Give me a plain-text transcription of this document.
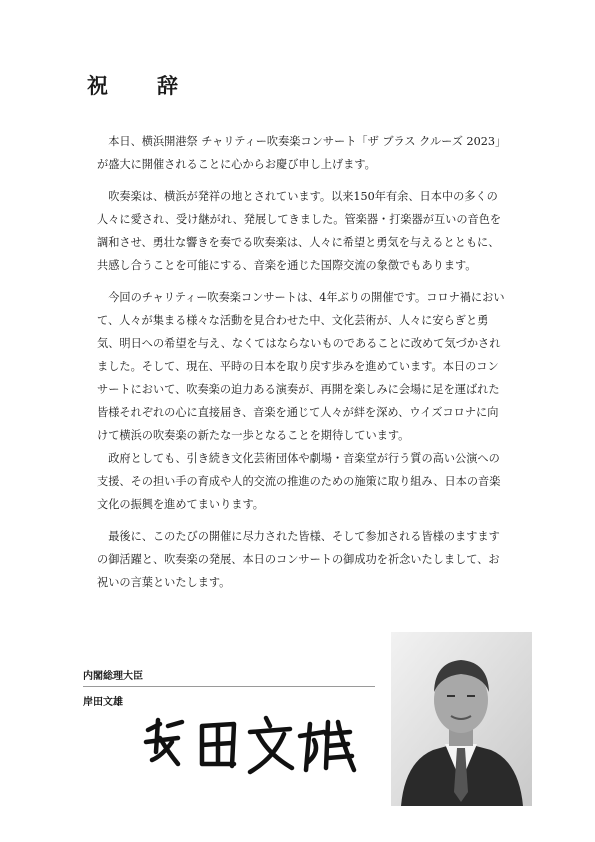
祝　辞

本日、横浜開港祭 チャリティー吹奏楽コンサート「ザ ブラス クルーズ 2023」が盛大に開催されることに心からお慶び申し上げます。

吹奏楽は、横浜が発祥の地とされています。以来150年有余、日本中の多くの人々に愛され、受け継がれ、発展してきました。管楽器・打楽器が互いの音色を調和させ、勇壮な響きを奏でる吹奏楽は、人々に希望と勇気を与えるとともに、共感し合うことを可能にする、音楽を通じた国際交流の象徴でもあります。

今回のチャリティー吹奏楽コンサートは、4年ぶりの開催です。コロナ禍において、人々が集まる様々な活動を見合わせた中、文化芸術が、人々に安らぎと勇気、明日への希望を与え、なくてはならないものであることに改めて気づかされました。そして、現在、平時の日本を取り戻す歩みを進めています。本日のコンサートにおいて、吹奏楽の迫力ある演奏が、再開を楽しみに会場に足を運ばれた皆様それぞれの心に直接届き、音楽を通じて人々が絆を深め、ウイズコロナに向けて横浜の吹奏楽の新たな一歩となることを期待しています。

政府としても、引き続き文化芸術団体や劇場・音楽堂が行う質の高い公演への支援、その担い手の育成や人的交流の推進のための施策に取り組み、日本の音楽文化の振興を進めてまいります。

最後に、このたびの開催に尽力された皆様、そして参加される皆様のますますの御活躍と、吹奏楽の発展、本日のコンサートの御成功を祈念いたしまして、お祝いの言葉といたします。

内閣総理大臣
岸田文雄
